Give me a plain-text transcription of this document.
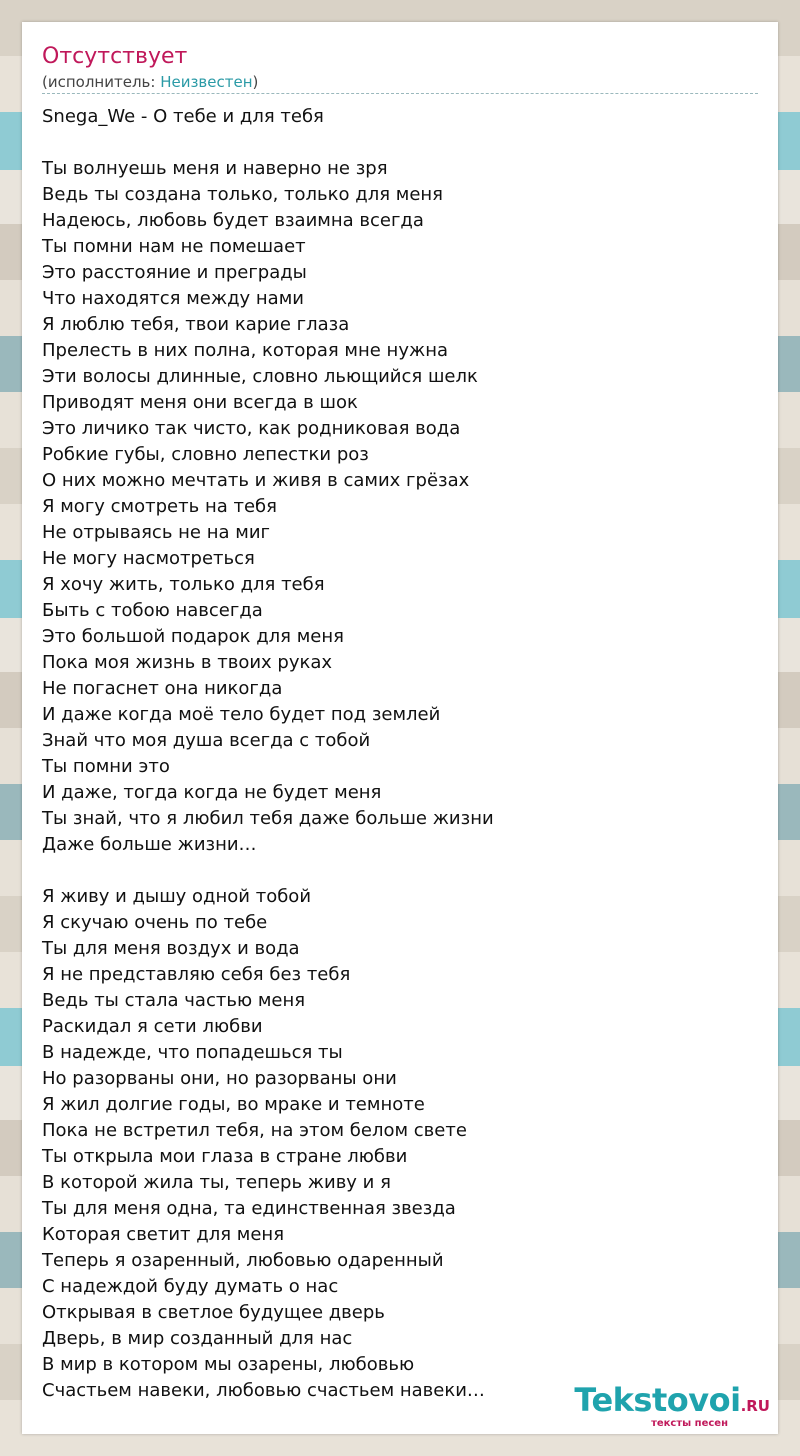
Отсутствует
(исполнитель: Неизвестен)
Snega_We - О тебе и для тебя
Ты волнуешь меня и наверно не зря
Ведь ты создана только, только для меня
Надеюсь, любовь будет взаимна всегда
Ты помни нам не помешает
Это расстояние и преграды
Что находятся между нами
Я люблю тебя, твои карие глаза
Прелесть в них полна, которая мне нужна
Эти волосы длинные, словно льющийся шелк
Приводят меня они всегда в шок
Это личико так чисто, как родниковая вода
Робкие губы, словно лепестки роз
О них можно мечтать и живя в самих грёзах
Я могу смотреть на тебя
Не отрываясь не на миг
Не могу насмотреться
Я хочу жить, только для тебя
Быть с тобою навсегда
Это большой подарок для меня
Пока моя жизнь в твоих руках
Не погаснет она никогда
И даже когда моё тело будет под землей
Знай что моя душа всегда с тобой
Ты помни это
И даже, тогда когда не будет меня
Ты знай, что я любил тебя даже больше жизни
Даже больше жизни…
Я живу и дышу одной тобой
Я скучаю очень по тебе
Ты для меня воздух и вода
Я не представляю себя без тебя
Ведь ты стала частью меня
Раскидал я сети любви
В надежде, что попадешься ты
Но разорваны они, но разорваны они
Я жил долгие годы, во мраке и темноте
Пока не встретил тебя, на этом белом свете
Ты открыла мои глаза в стране любви
В которой жила ты, теперь живу и я
Ты для меня одна, та единственная звезда
Которая светит для меня
Теперь я озаренный, любовью одаренный
С надеждой буду думать о нас
Открывая в светлое будущее дверь
Дверь, в мир созданный для нас
В мир в котором мы озарены, любовью
Счастьем навеки, любовью счастьем навеки…	Tekstovoi.RU
тексты песен
